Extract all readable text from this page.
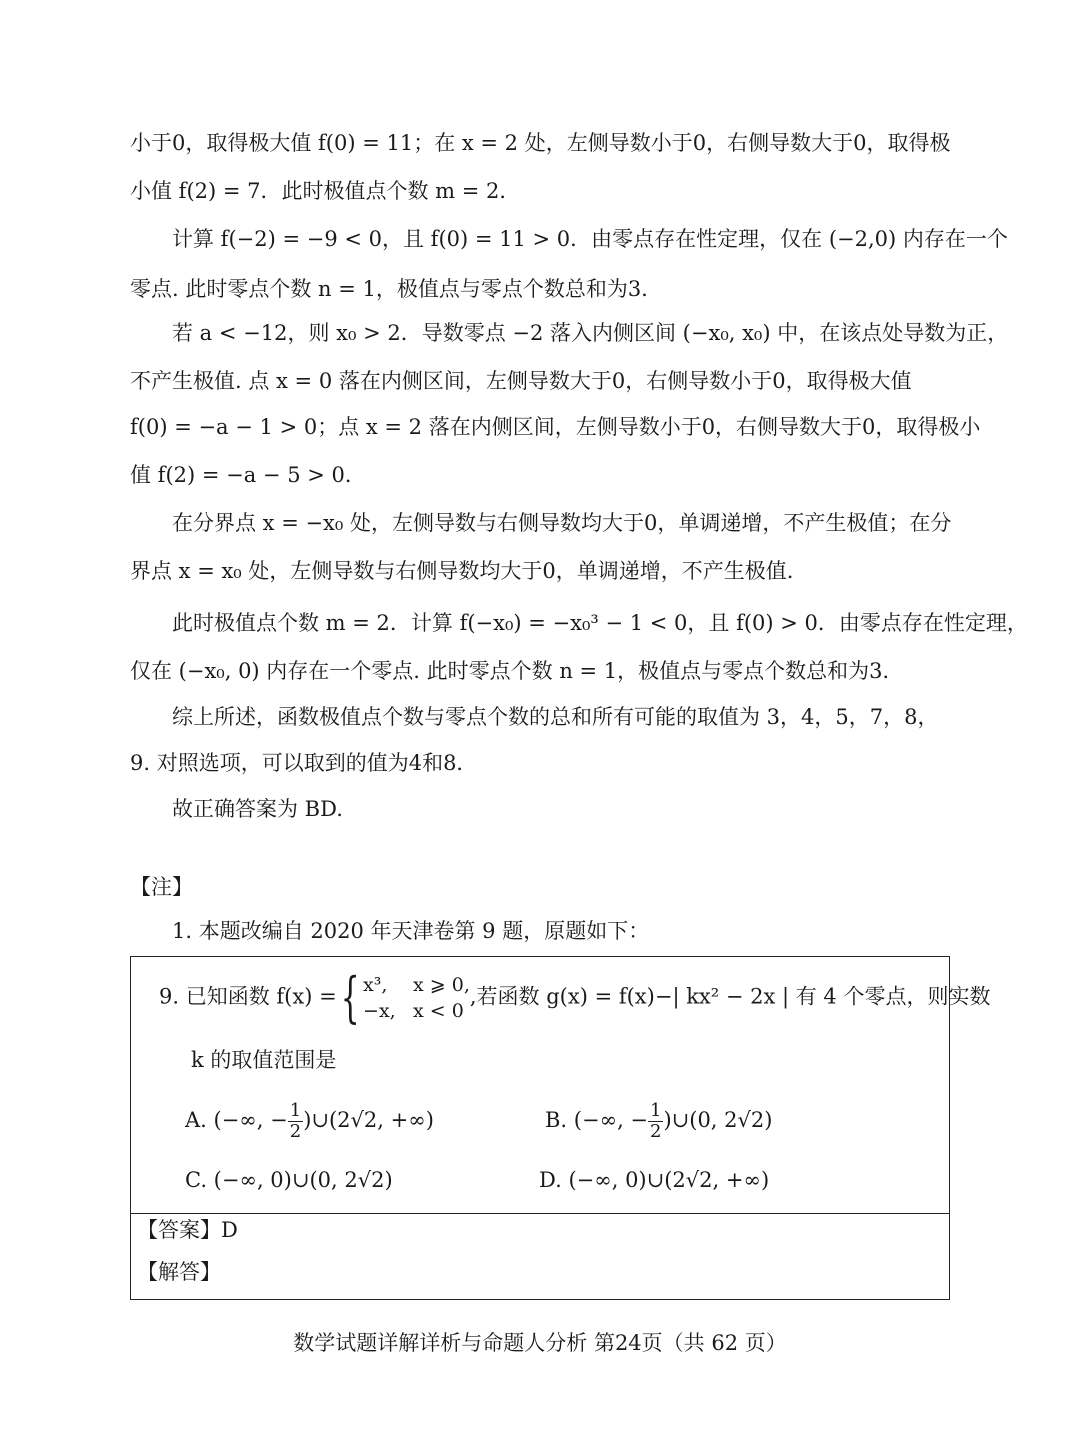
小于0，取得极大值 f(0) = 11；在 x = 2 处，左侧导数小于0，右侧导数大于0，取得极
小值 f(2) = 7．此时极值点个数 m = 2．
计算 f(−2) = −9 < 0，且 f(0) = 11 > 0．由零点存在性定理，仅在 (−2,0) 内存在一个
零点. 此时零点个数 n = 1，极值点与零点个数总和为3．
若 a < −12，则 x₀ > 2．导数零点 −2 落入内侧区间 (−x₀, x₀) 中，在该点处导数为正，
不产生极值. 点 x = 0 落在内侧区间，左侧导数大于0，右侧导数小于0，取得极大值
f(0) = −a − 1 > 0；点 x = 2 落在内侧区间，左侧导数小于0，右侧导数大于0，取得极小
值 f(2) = −a − 5 > 0．
在分界点 x = −x₀ 处，左侧导数与右侧导数均大于0，单调递增，不产生极值；在分
界点 x = x₀ 处，左侧导数与右侧导数均大于0，单调递增，不产生极值.
此时极值点个数 m = 2．计算 f(−x₀) = −x₀³ − 1 < 0，且 f(0) > 0．由零点存在性定理，
仅在 (−x₀, 0) 内存在一个零点. 此时零点个数 n = 1，极值点与零点个数总和为3．
综上所述，函数极值点个数与零点个数的总和所有可能的取值为 3，4，5，7，8，
9. 对照选项，可以取到的值为4和8．
故正确答案为 BD.
【注】
1. 本题改编自 2020 年天津卷第 9 题，原题如下：
9. 已知函数 f(x) ={ x³, x ⩾ 0,
−x, x < 0
,若函数 g(x) = f(x)−| kx² − 2x | 有 4 个零点，则实数
k 的取值范围是
A. (−∞, − $\frac{1}{2}$ )∪(2√2, +∞)	B. (−∞, − $\frac{1}{2}$ )∪(0, 2√2)
C. (−∞, 0)∪(0, 2√2)	D. (−∞, 0)∪(2√2, +∞)
【答案】D
【解答】
数学试题详解详析与命题人分析 第24页（共 62 页）
